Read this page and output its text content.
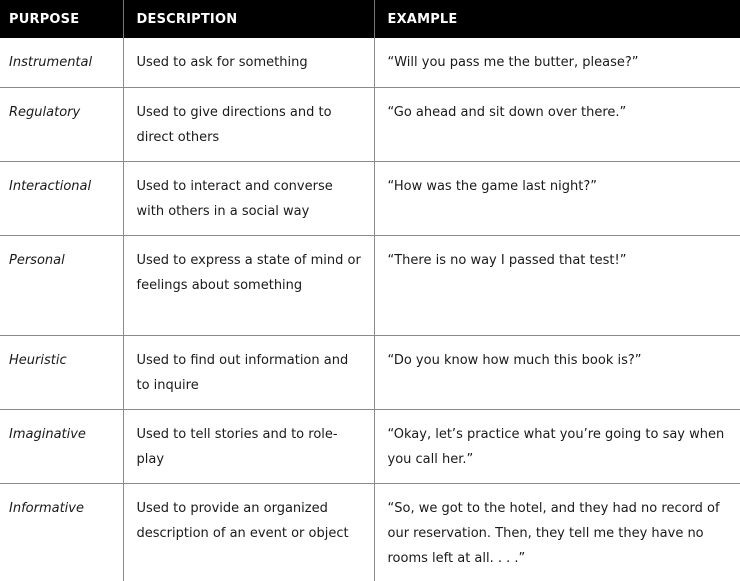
PURPOSE	DESCRIPTION	EXAMPLE
Instrumental	Used to ask for something	“Will you pass me the butter, please?”
Regulatory	Used to give directions and to direct others	“Go ahead and sit down over there.”
Interactional	Used to interact and converse with others in a social way	“How was the game last night?”
Personal	Used to express a state of mind or feelings about something	“There is no way I passed that test!”
Heuristic	Used to find out information and to inquire	“Do you know how much this book is?”
Imaginative	Used to tell stories and to role-play	“Okay, let’s practice what you’re going to say when you call her.”
Informative	Used to provide an organized description of an event or object	“So, we got to the hotel, and they had no record of our reservation. Then, they tell me they have no rooms left at all. . . .”
